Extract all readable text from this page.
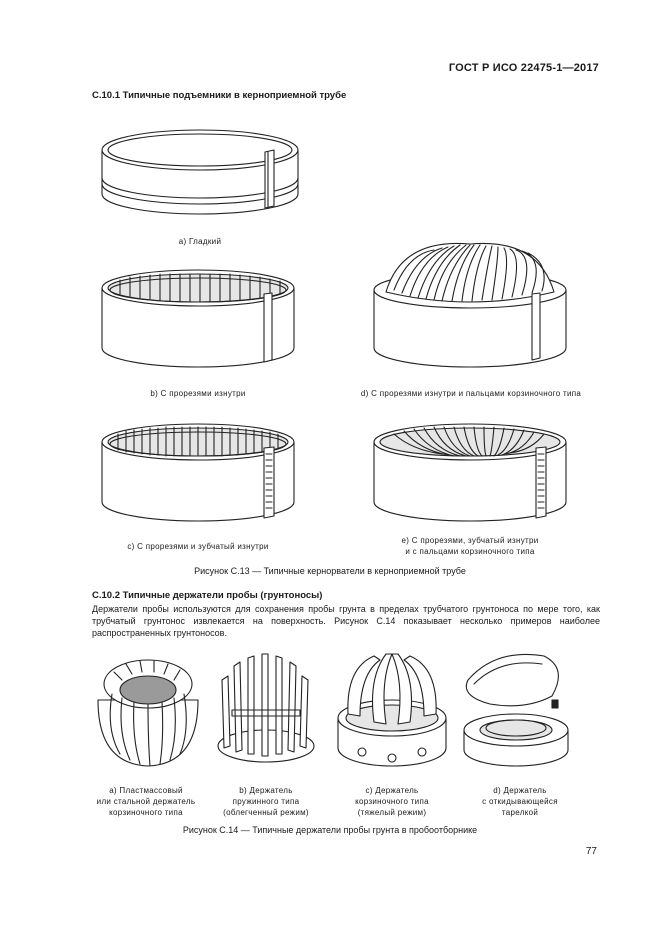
ГОСТ Р ИСО 22475-1—2017
С.10.1 Типичные подъемники в кернoприемной трубе
а) Гладкий
b) С прорезями изнутри	d) С прорезями изнутри и пальцами корзиночного типа
с) С прорезями и зубчатый изнутри
е) С прорезями, зубчатый изнутри
и с пальцами корзиночного типа
Рисунок С.13 — Типичные кернорватели в кернoприемной трубе
С.10.2 Типичные держатели пробы (грунтоносы)
Держатели пробы используются для сохранения пробы грунта в пределах трубчатого грунтоноса по мере того, как трубчатый грунтонос извлекается на поверхность. Рисунок С.14 показывает несколько примеров наиболее распространенных грунтоносов.
a) Пластмассовый
или стальной держатель
корзиночного типа
b) Держатель
пружинного типа
(облегченный режим)
c) Держатель
корзиночного типа
(тяжелый режим)
d) Держатель
с откидывающейся
тарелкой
Рисунок С.14 — Типичные держатели пробы грунта в пробоотборнике
77
